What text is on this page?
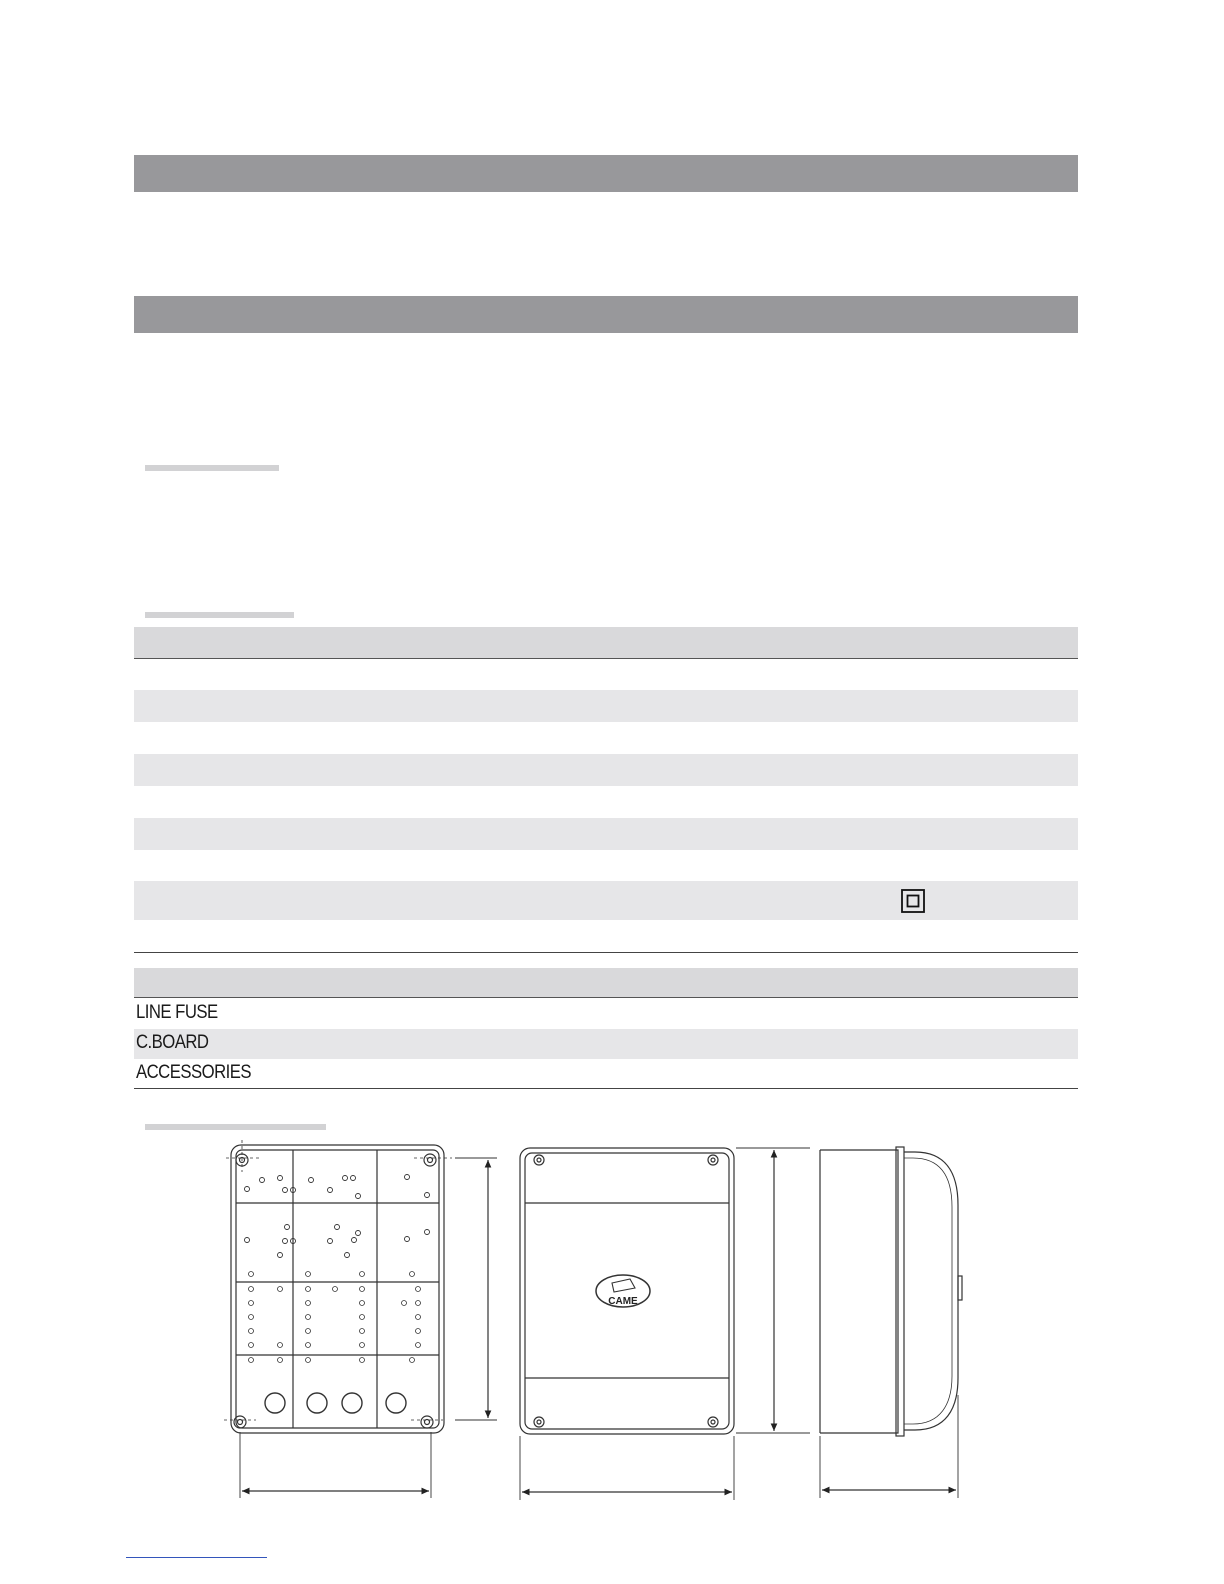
LINE FUSE
C.BOARD
ACCESSORIES
CAME
